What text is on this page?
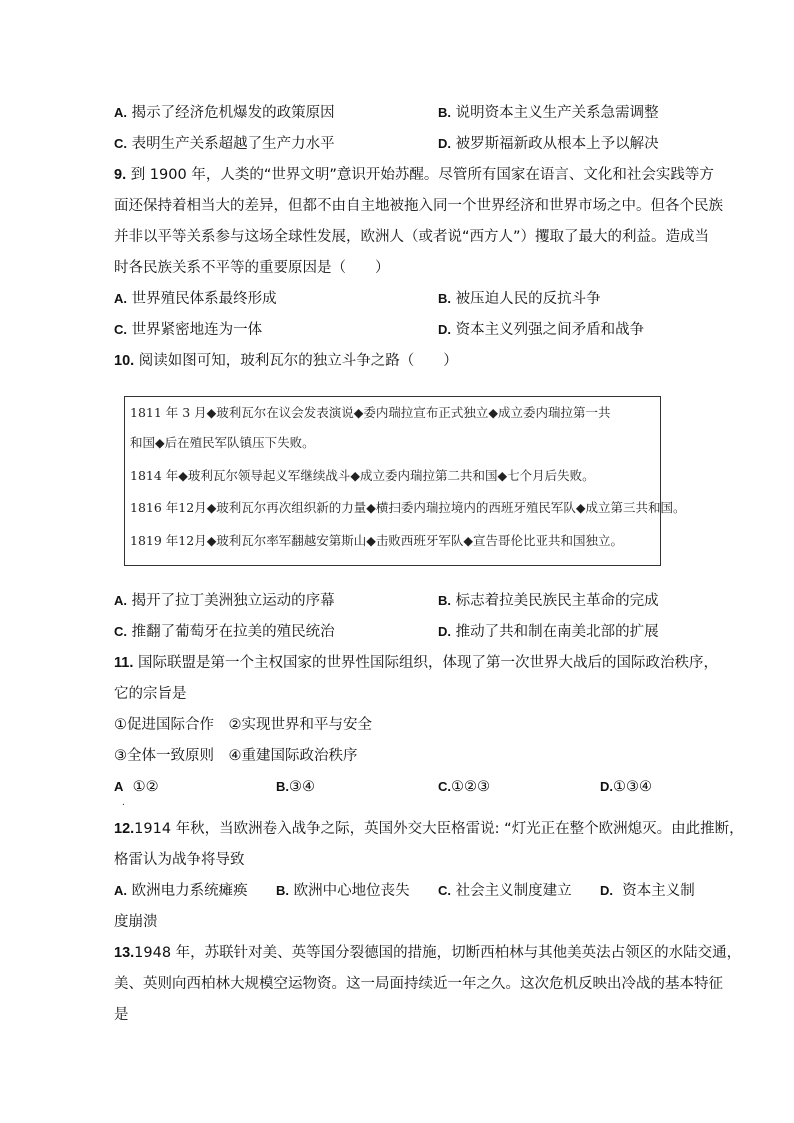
A. 揭示了经济危机爆发的政策原因	B. 说明资本主义生产关系急需调整
C. 表明生产关系超越了生产力水平	D. 被罗斯福新政从根本上予以解决
9. 到 1900 年，人类的“世界文明”意识开始苏醒。尽管所有国家在语言、文化和社会实践等方
面还保持着相当大的差异，但都不由自主地被拖入同一个世界经济和世界市场之中。但各个民族
并非以平等关系参与这场全球性发展，欧洲人（或者说“西方人”）攫取了最大的利益。造成当
时各民族关系不平等的重要原因是（　　）
A. 世界殖民体系最终形成	B. 被压迫人民的反抗斗争
C. 世界紧密地连为一体	D. 资本主义列强之间矛盾和战争
10. 阅读如图可知，玻利瓦尔的独立斗争之路（　　）
1811 年 3 月◆玻利瓦尔在议会发表演说◆委内瑞拉宣布正式独立◆成立委内瑞拉第一共
和国◆后在殖民军队镇压下失败。
1814 年◆玻利瓦尔领导起义军继续战斗◆成立委内瑞拉第二共和国◆七个月后失败。
1816 年12月◆玻利瓦尔再次组织新的力量◆横扫委内瑞拉境内的西班牙殖民军队◆成立第三共和国。
1819 年12月◆玻利瓦尔率军翻越安第斯山◆击败西班牙军队◆宣告哥伦比亚共和国独立。
A. 揭开了拉丁美洲独立运动的序幕	B. 标志着拉美民族民主革命的完成
C. 推翻了葡萄牙在拉美的殖民统治	D. 推动了共和制在南美北部的扩展
11. 国际联盟是第一个主权国家的世界性国际组织，体现了第一次世界大战后的国际政治秩序，
它的宗旨是
①促进国际合作　②实现世界和平与安全
③全体一致原则　④重建国际政治秩序
A ①②
.
B.③④	C.①②③	D.①③④
12.1914 年秋，当欧洲卷入战争之际，英国外交大臣格雷说: “灯光正在整个欧洲熄灭。由此推断，
格雷认为战争将导致
A. 欧洲电力系统瘫痪 B. 欧洲中心地位丧失 C. 社会主义制度建立 D. 资本主义制
度崩溃
13.1948 年，苏联针对美、英等国分裂德国的措施，切断西柏林与其他美英法占领区的水陆交通，
美、英则向西柏林大规模空运物资。这一局面持续近一年之久。这次危机反映出冷战的基本特征
是
